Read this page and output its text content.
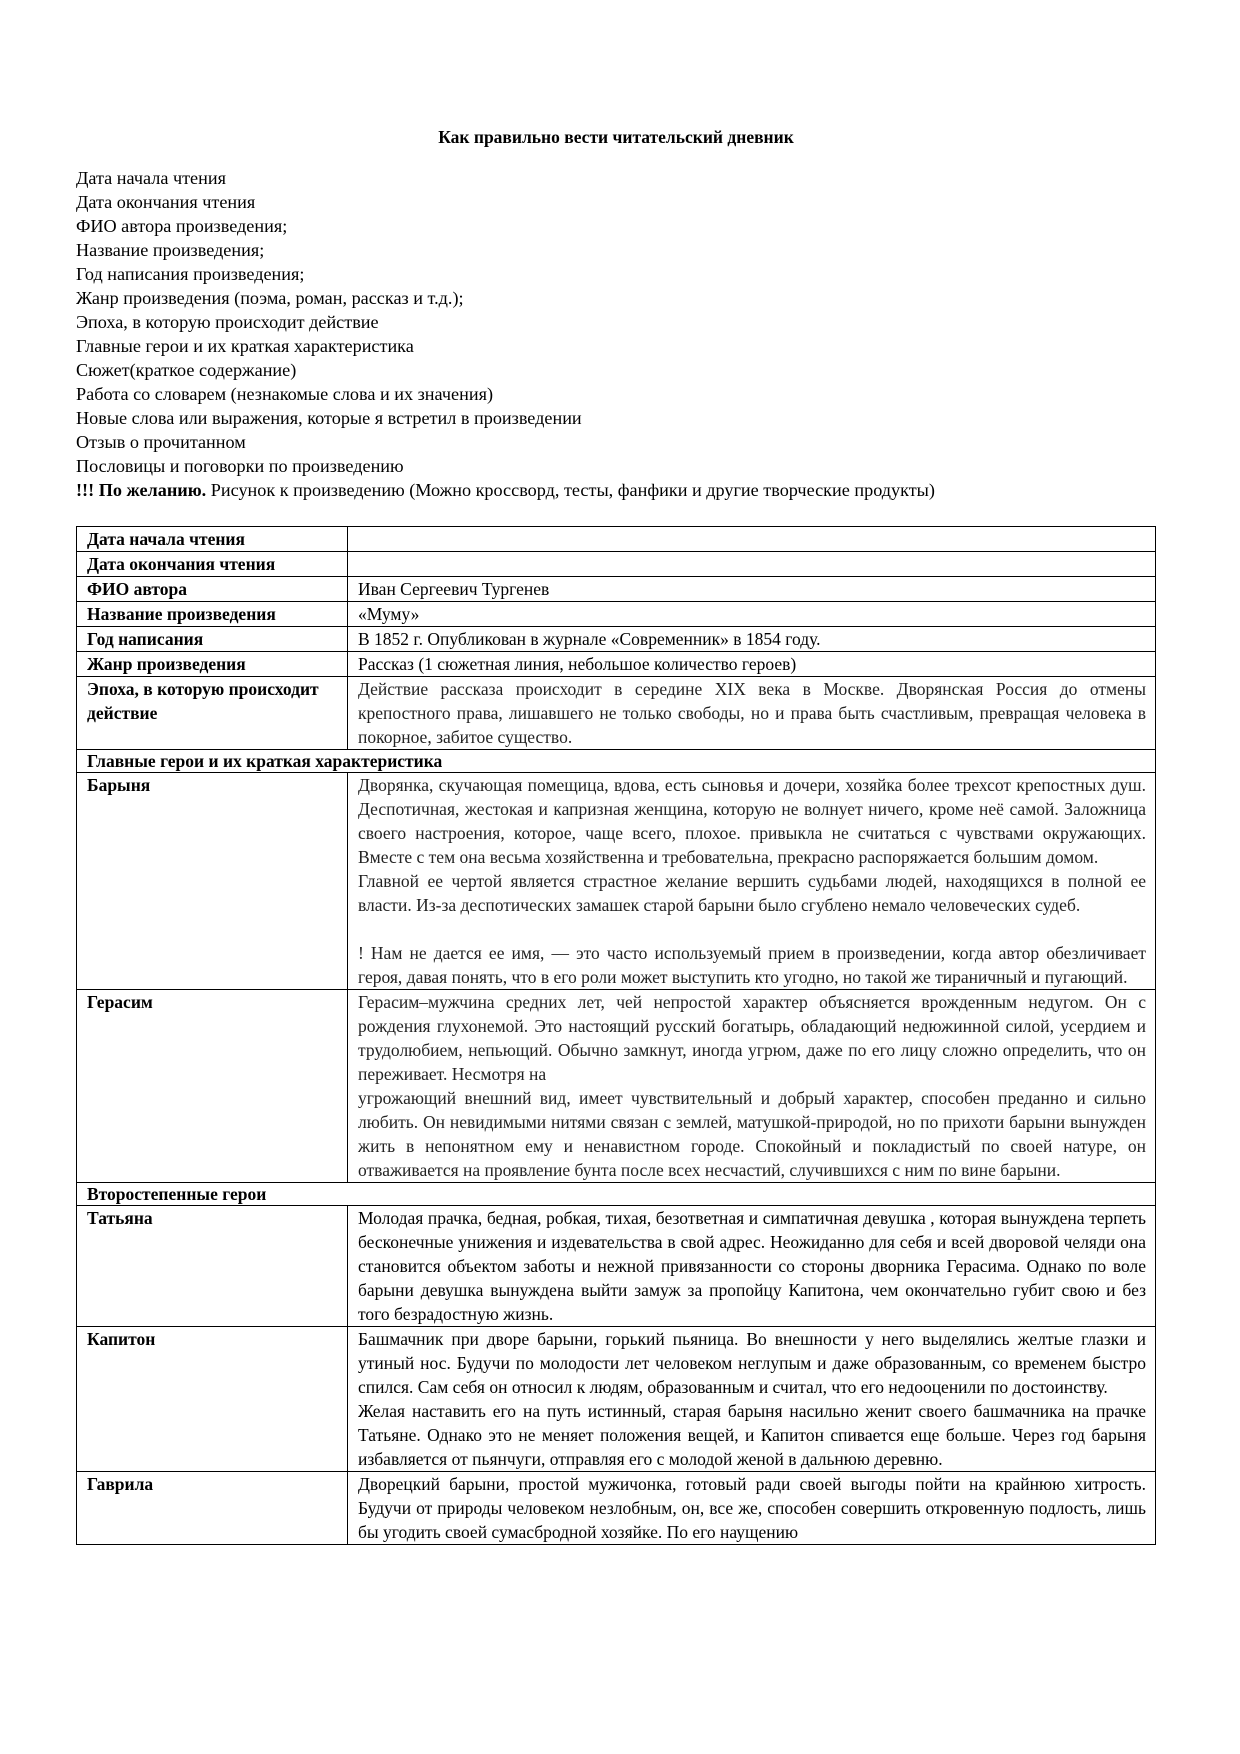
Как правильно вести читательский дневник
Дата начала чтения
Дата окончания чтения
ФИО автора произведения;
Название произведения;
Год написания произведения;
Жанр произведения (поэма, роман, рассказ и т.д.);
Эпоха, в которую происходит действие
Главные герои и их краткая характеристика
Сюжет(краткое содержание)
Работа со словарем (незнакомые слова и их значения)
Новые слова или выражения, которые я встретил в произведении
Отзыв о прочитанном
Пословицы и поговорки по произведению
!!! По желанию. Рисунок к произведению (Можно кроссворд, тесты, фанфики и другие творческие продукты)
Дата начала чтения	
Дата окончания чтения	
ФИО автора	Иван Сергеевич Тургенев
Название произведения	«Муму»
Год написания	В 1852 г. Опубликован в журнале «Современник» в 1854 году.
Жанр произведения	Рассказ (1 сюжетная линия, небольшое количество героев)
Эпоха, в которую происходит действие	Действие рассказа происходит в середине XIX века в Москве. Дворянская Россия до отмены крепостного права, лишавшего не только свободы, но и права быть счастливым, превращая человека в покорное, забитое существо.
Главные герои и их краткая характеристика	
Барыня	Дворянка, скучающая помещица, вдова, есть сыновья и дочери, хозяйка более трехсот крепостных душ. Деспотичная, жестокая и капризная женщина, которую не волнует ничего, кроме неё самой. Заложница своего настроения, которое, чаще всего, плохое. привыкла не считаться с чувствами окружающих. Вместе с тем она весьма хозяйственна и требовательна, прекрасно распоряжается большим домом.
Главной ее чертой является страстное желание вершить судьбами людей, находящихся в полной ее власти. Из-за деспотических замашек старой барыни было сгублено немало человеческих судеб.
! Нам не дается ее имя, — это часто используемый прием в произведении, когда автор обезличивает героя, давая понять, что в его роли может выступить кто угодно, но такой же тираничный и пугающий.

Герасим	Герасим–мужчина средних лет, чей непростой характер объясняется врожденным недугом. Он с рождения глухонемой. Это настоящий русский богатырь, обладающий недюжинной силой, усердием и трудолюбием, непьющий. Обычно замкнут, иногда угрюм, даже по его лицу сложно определить, что он переживает. Несмотря на
угрожающий внешний вид, имеет чувствительный и добрый характер, способен преданно и сильно любить. Он невидимыми нитями связан с землей, матушкой-природой, но по прихоти барыни вынужден жить в непонятном ему и ненавистном городе. Спокойный и покладистый по своей натуре, он отваживается на проявление бунта после всех несчастий, случившихся с ним по вине барыни.

Второстепенные герои	
Татьяна	Молодая прачка, бедная, робкая, тихая, безответная и симпатичная девушка , которая вынуждена терпеть бесконечные унижения и издевательства в свой адрес. Неожиданно для себя и всей дворовой челяди она становится объектом заботы и нежной привязанности со стороны дворника Герасима. Однако по воле барыни девушка вынуждена выйти замуж за пропойцу Капитона, чем окончательно губит свою и без того безрадостную жизнь.

Капитон	Башмачник при дворе барыни, горький пьяница. Во внешности у него выделялись желтые глазки и утиный нос. Будучи по молодости лет человеком неглупым и даже образованным, со временем быстро спился. Сам себя он относил к людям, образованным и считал, что его недооценили по достоинству.
Желая наставить его на путь истинный, старая барыня насильно женит своего башмачника на прачке Татьяне. Однако это не меняет положения вещей, и Капитон спивается еще больше. Через год барыня избавляется от пьянчуги, отправляя его с молодой женой в дальнюю деревню.

Гаврила	Дворецкий барыни, простой мужичонка, готовый ради своей выгоды пойти на крайнюю хитрость. Будучи от природы человеком незлобным, он, все же, способен совершить откровенную подлость, лишь бы угодить своей сумасбродной хозяйке. По его наущению
